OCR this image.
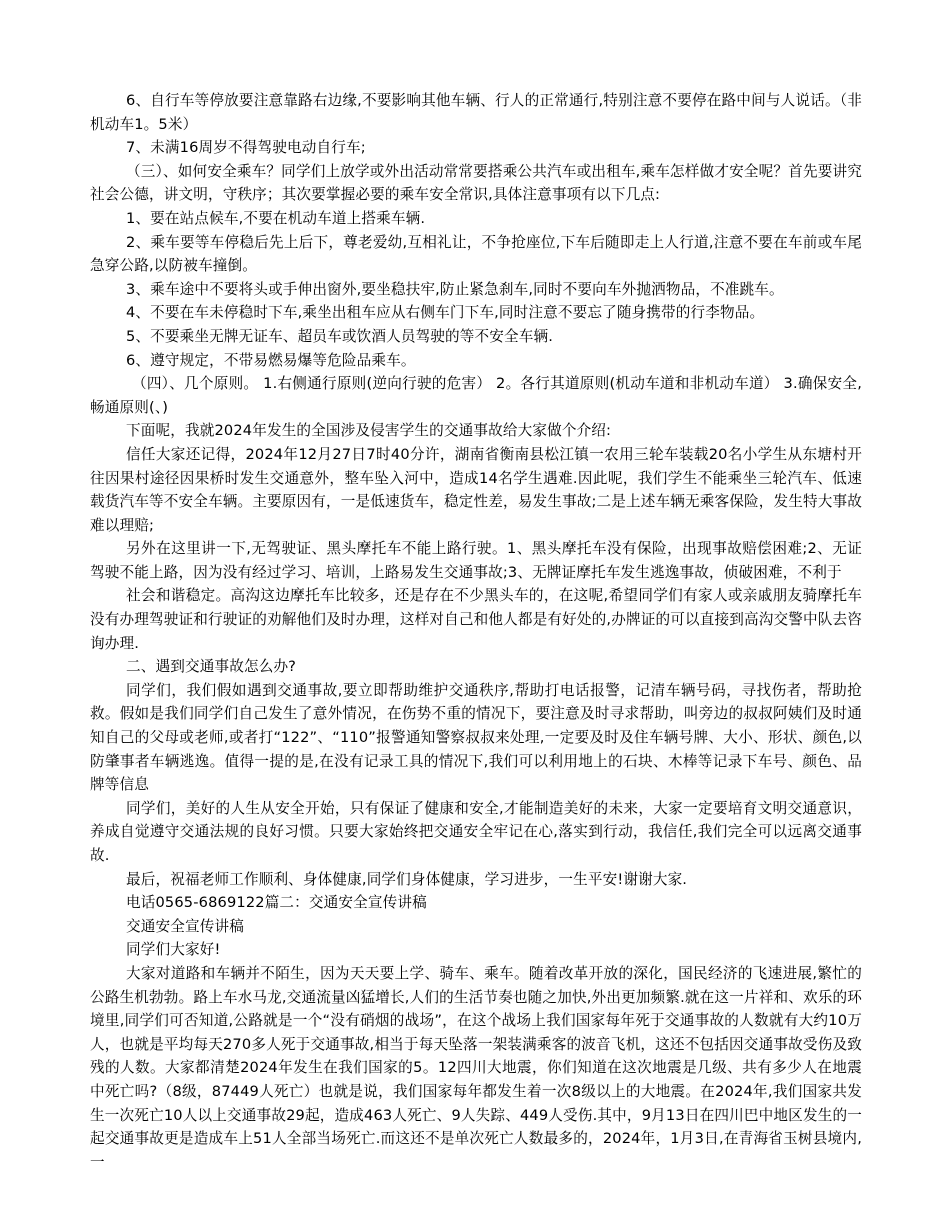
6、自行车等停放要注意靠路右边缘,不要影响其他车辆、行人的正常通行,特别注意不要停在路中间与人说话。（非机动车1。5米）

7、未满16周岁不得驾驶电动自行车;

（三）、如何安全乘车？同学们上放学或外出活动常常要搭乘公共汽车或出租车,乘车怎样做才安全呢？首先要讲究社会公德，讲文明，守秩序；其次要掌握必要的乘车安全常识,具体注意事项有以下几点:

1、要在站点候车,不要在机动车道上搭乘车辆.

2、乘车要等车停稳后先上后下，尊老爱幼,互相礼让，不争抢座位,下车后随即走上人行道,注意不要在车前或车尾急穿公路,以防被车撞倒。

3、乘车途中不要将头或手伸出窗外,要坐稳扶牢,防止紧急刹车,同时不要向车外抛洒物品，不准跳车。

4、不要在车未停稳时下车,乘坐出租车应从右侧车门下车,同时注意不要忘了随身携带的行李物品。

5、不要乘坐无牌无证车、超员车或饮酒人员驾驶的等不安全车辆.

6、遵守规定，不带易燃易爆等危险品乘车。

（四）、几个原则。 1.右侧通行原则(逆向行驶的危害） 2。各行其道原则(机动车道和非机动车道） 3.确保安全,畅通原则(、)

下面呢，我就2024年发生的全国涉及侵害学生的交通事故给大家做个介绍:

信任大家还记得，2024年12月27日7时40分许，湖南省衡南县松江镇一农用三轮车装载20名小学生从东塘村开往因果村途径因果桥时发生交通意外，整车坠入河中，造成14名学生遇难.因此呢，我们学生不能乘坐三轮汽车、低速载货汽车等不安全车辆。主要原因有，一是低速货车，稳定性差，易发生事故;二是上述车辆无乘客保险，发生特大事故难以理赔;

另外在这里讲一下,无驾驶证、黑头摩托车不能上路行驶。1、黑头摩托车没有保险，出现事故赔偿困难;2、无证驾驶不能上路，因为没有经过学习、培训，上路易发生交通事故;3、无牌证摩托车发生逃逸事故，侦破困难，不利于

社会和谐稳定。高沟这边摩托车比较多，还是存在不少黑头车的，在这呢,希望同学们有家人或亲戚朋友骑摩托车没有办理驾驶证和行驶证的劝解他们及时办理，这样对自己和他人都是有好处的,办牌证的可以直接到高沟交警中队去咨询办理.

二、遇到交通事故怎么办?

同学们，我们假如遇到交通事故,要立即帮助维护交通秩序,帮助打电话报警，记清车辆号码，寻找伤者，帮助抢救。假如是我们同学们自己发生了意外情况，在伤势不重的情况下，要注意及时寻求帮助，叫旁边的叔叔阿姨们及时通知自己的父母或老师,或者打“122”、“110”报警通知警察叔叔来处理,一定要及时及住车辆号牌、大小、形状、颜色,以防肇事者车辆逃逸。值得一提的是,在没有记录工具的情况下,我们可以利用地上的石块、木棒等记录下车号、颜色、品牌等信息

同学们，美好的人生从安全开始，只有保证了健康和安全,才能制造美好的未来，大家一定要培育文明交通意识，养成自觉遵守交通法规的良好习惯。只要大家始终把交通安全牢记在心,落实到行动，我信任,我们完全可以远离交通事故.

最后，祝福老师工作顺利、身体健康,同学们身体健康，学习进步，一生平安!谢谢大家.

电话0565-6869122篇二：交通安全宣传讲稿

交通安全宣传讲稿

同学们大家好!

大家对道路和车辆并不陌生，因为天天要上学、骑车、乘车。随着改革开放的深化，国民经济的飞速进展,繁忙的公路生机勃勃。路上车水马龙,交通流量凶猛增长,人们的生活节奏也随之加快,外出更加频繁.就在这一片祥和、欢乐的环境里,同学们可否知道,公路就是一个“没有硝烟的战场”，在这个战场上我们国家每年死于交通事故的人数就有大约10万人，也就是平均每天270多人死于交通事故,相当于每天坠落一架装满乘客的波音飞机，这还不包括因交通事故受伤及致残的人数。大家都清楚2024年发生在我们国家的5。12四川大地震，你们知道在这次地震是几级、共有多少人在地震中死亡吗?（8级，87449人死亡）也就是说，我们国家每年都发生着一次8级以上的大地震。在2024年,我们国家共发生一次死亡10人以上交通事故29起，造成463人死亡、9人失踪、449人受伤.其中，9月13日在四川巴中地区发生的一起交通事故更是造成车上51人全部当场死亡.而这还不是单次死亡人数最多的，2024年，1月3日,在青海省玉树县境内,一
